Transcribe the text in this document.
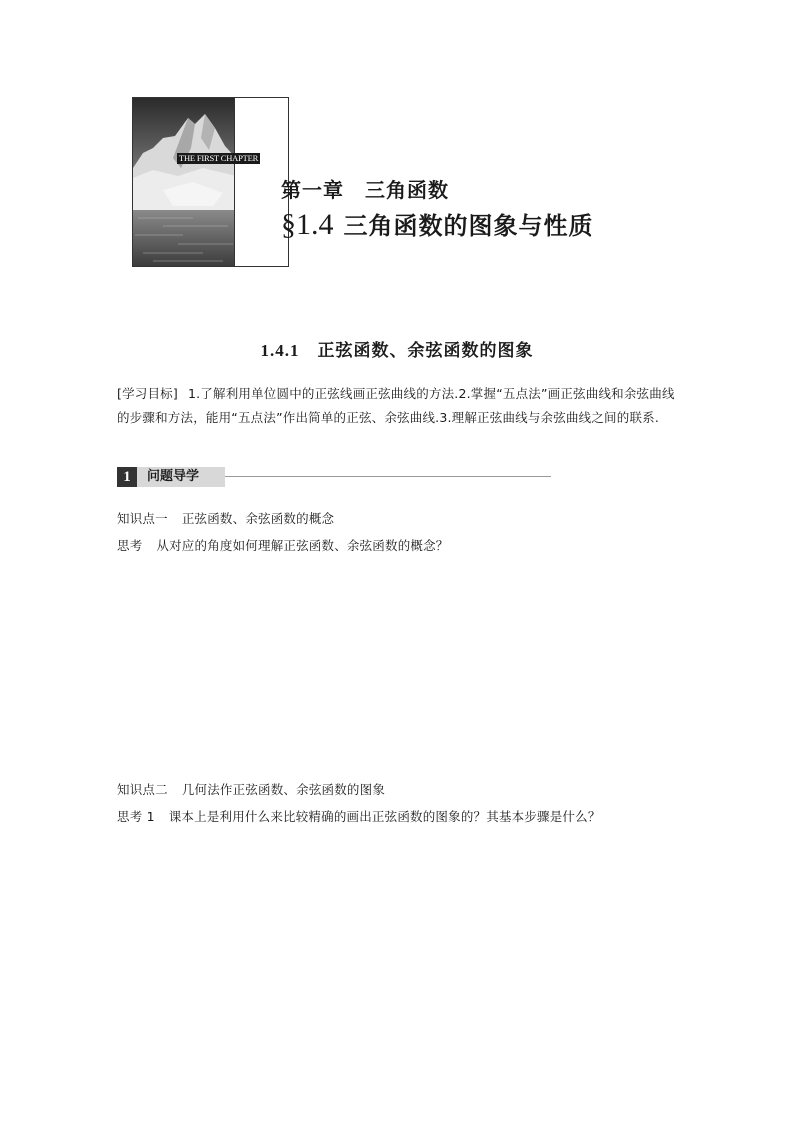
THE FIRST CHAPTER
第一章　三角函数
§1.4 三角函数的图象与性质
1.4.1 正弦函数、余弦函数的图象
[学习目标] 1.了解利用单位圆中的正弦线画正弦曲线的方法.2.掌握“五点法”画正弦曲线和余弦曲线的步骤和方法，能用“五点法”作出简单的正弦、余弦曲线.3.理解正弦曲线与余弦曲线之间的联系.
1	问题导学
知识点一 正弦函数、余弦函数的概念
思考 从对应的角度如何理解正弦函数、余弦函数的概念？
知识点二 几何法作正弦函数、余弦函数的图象
思考 1 课本上是利用什么来比较精确的画出正弦函数的图象的？其基本步骤是什么？
